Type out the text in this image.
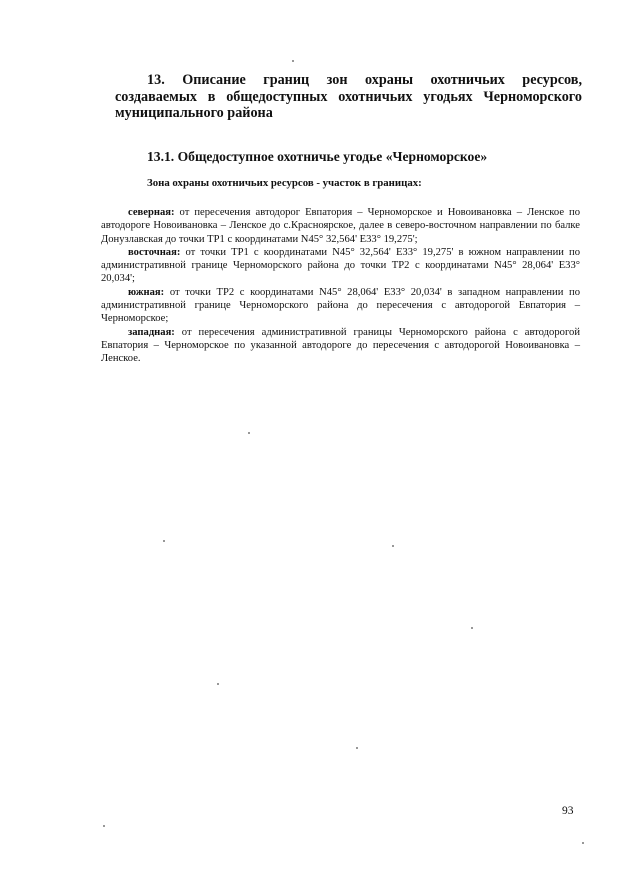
13. Описание границ зон охраны охотничьих ресурсов, создаваемых в общедоступных охотничьих угодьях Черноморского муниципального района
13.1. Общедоступное охотничье угодье «Черноморское»
Зона охраны охотничьих ресурсов - участок в границах:

северная: от пересечения автодорог Евпатория – Черноморское и Новоивановка – Ленское по автодороге Новоивановка – Ленское до с.Красноярское, далее в северо-восточном направлении по балке Донузлавская до точки ТР1 с координатами N45° 32,564' E33° 19,275';

восточная: от точки ТР1 с координатами N45° 32,564' E33° 19,275' в южном направлении по административной границе Черноморского района до точки ТР2 с координатами N45° 28,064' E33° 20,034';

южная: от точки ТР2 с координатами N45° 28,064' E33° 20,034' в западном направлении по административной границе Черноморского района до пересечения с автодорогой Евпатория – Черноморское;

западная: от пересечения административной границы Черноморского района с автодорогой Евпатория – Черноморское по указанной автодороге до пересечения с автодорогой Новоивановка – Ленское.

93
